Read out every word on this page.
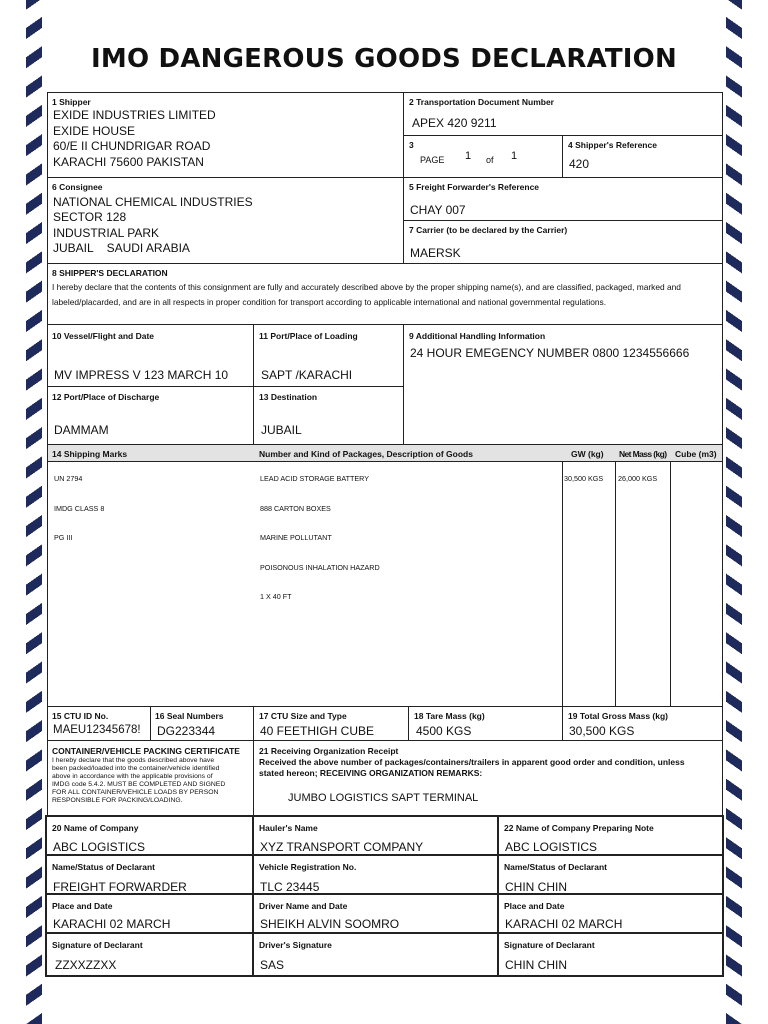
IMO DANGEROUS GOODS DECLARATION
1 Shipper
EXIDE INDUSTRIES LIMITED
EXIDE HOUSE
60/E II CHUNDRIGAR ROAD
KARACHI 75600 PAKISTAN
2 Transportation Document Number
APEX 420 9211
3
PAGE 1 of 1
4 Shipper's Reference
420
6 Consignee
NATIONAL CHEMICAL INDUSTRIES
SECTOR 128
INDUSTRIAL PARK
JUBAIL    SAUDI ARABIA
5 Freight Forwarder's Reference
CHAY 007
7 Carrier (to be declared by the Carrier)
MAERSK
8 SHIPPER'S DECLARATION
I hereby declare that the contents of this consignment are fully and accurately described above by the proper shipping name(s), and are classified, packaged, marked and labeled/placarded, and are in all respects in proper condition for transport according to applicable international and national governmental regulations.
10 Vessel/Flight and Date
MV IMPRESS V 123 MARCH 10
11 Port/Place of Loading
SAPT /KARACHI
9 Additional Handling Information
24 HOUR EMEGENCY NUMBER 0800 1234556666
12 Port/Place of Discharge
DAMMAM
13 Destination
JUBAIL
14 Shipping Marks	Number and Kind of Packages, Description of Goods	GW (kg) Net Mass (kg) Cube (m3)
UN 2794
IMDG CLASS 8
PG III
LEAD ACID STORAGE BATTERY
888 CARTON BOXES
MARINE POLLUTANT
POISONOUS INHALATION HAZARD
1 X 40 FT
30,500 KGS 26,000 KGS
15 CTU ID No.
MAEU12345678!
16 Seal Numbers
DG223344
17 CTU Size and Type
40 FEETHIGH CUBE
18 Tare Mass (kg)
4500 KGS
19 Total Gross Mass (kg)
30,500 KGS
CONTAINER/VEHICLE PACKING CERTIFICATE
I hereby declare that the goods described above have
been packed/loaded into the container/vehicle identified
above in accordance with the applicable provisions of
IMDG code 5.4.2. MUST BE COMPLETED AND SIGNED
FOR ALL CONTAINER/VEHICLE LOADS BY PERSON
RESPONSIBLE FOR PACKING/LOADING.
21 Receiving Organization Receipt
Received the above number of packages/containers/trailers in apparent good order and condition, unless
stated hereon; RECEIVING ORGANIZATION REMARKS:
JUMBO LOGISTICS SAPT TERMINAL
20 Name of Company
ABC LOGISTICS
Name/Status of Declarant
FREIGHT FORWARDER
Place and Date
KARACHI 02 MARCH
Signature of Declarant
ZZXXZZXX
Hauler's Name
XYZ TRANSPORT COMPANY
Vehicle Registration No.
TLC 23445
Driver Name and Date
SHEIKH ALVIN SOOMRO
Driver's Signature
SAS
22 Name of Company Preparing Note
ABC LOGISTICS
Name/Status of Declarant
CHIN CHIN
Place and Date
KARACHI 02 MARCH
Signature of Declarant
CHIN CHIN
